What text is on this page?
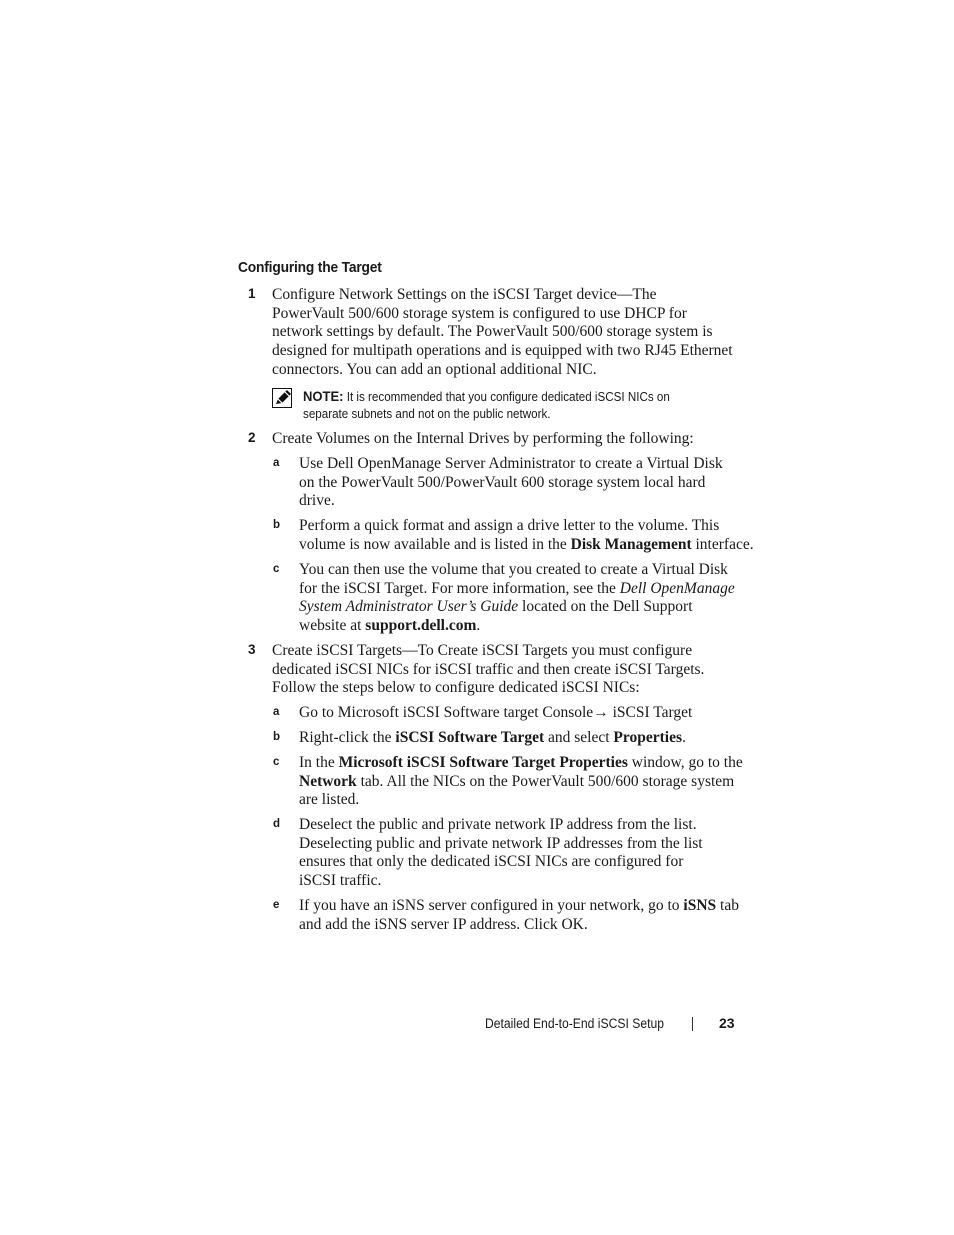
Configuring the Target
1 Configure Network Settings on the iSCSI Target device—The
PowerVault 500/600 storage system is configured to use DHCP for
network settings by default. The PowerVault 500/600 storage system is
designed for multipath operations and is equipped with two RJ45 Ethernet
connectors. You can add an optional additional NIC.
NOTE: It is recommended that you configure dedicated iSCSI NICs on
separate subnets and not on the public network.
2 Create Volumes on the Internal Drives by performing the following:
a Use Dell OpenManage Server Administrator to create a Virtual Disk
on the PowerVault 500/PowerVault 600 storage system local hard
drive.
b Perform a quick format and assign a drive letter to the volume. This
volume is now available and is listed in the Disk Management interface.
c You can then use the volume that you created to create a Virtual Disk
for the iSCSI Target. For more information, see the Dell OpenManage
System Administrator User’s Guide located on the Dell Support
website at support.dell.com.
3 Create iSCSI Targets—To Create iSCSI Targets you must configure
dedicated iSCSI NICs for iSCSI traffic and then create iSCSI Targets.
Follow the steps below to configure dedicated iSCSI NICs:
a Go to Microsoft iSCSI Software target Console→ iSCSI Target
b Right-click the iSCSI Software Target and select Properties.
c In the Microsoft iSCSI Software Target Properties window, go to the
Network tab. All the NICs on the PowerVault 500/600 storage system
are listed.
d Deselect the public and private network IP address from the list.
Deselecting public and private network IP addresses from the list
ensures that only the dedicated iSCSI NICs are configured for
iSCSI traffic.
e If you have an iSNS server configured in your network, go to iSNS tab
and add the iSNS server IP address. Click OK.
Detailed End-to-End iSCSI Setup	23
